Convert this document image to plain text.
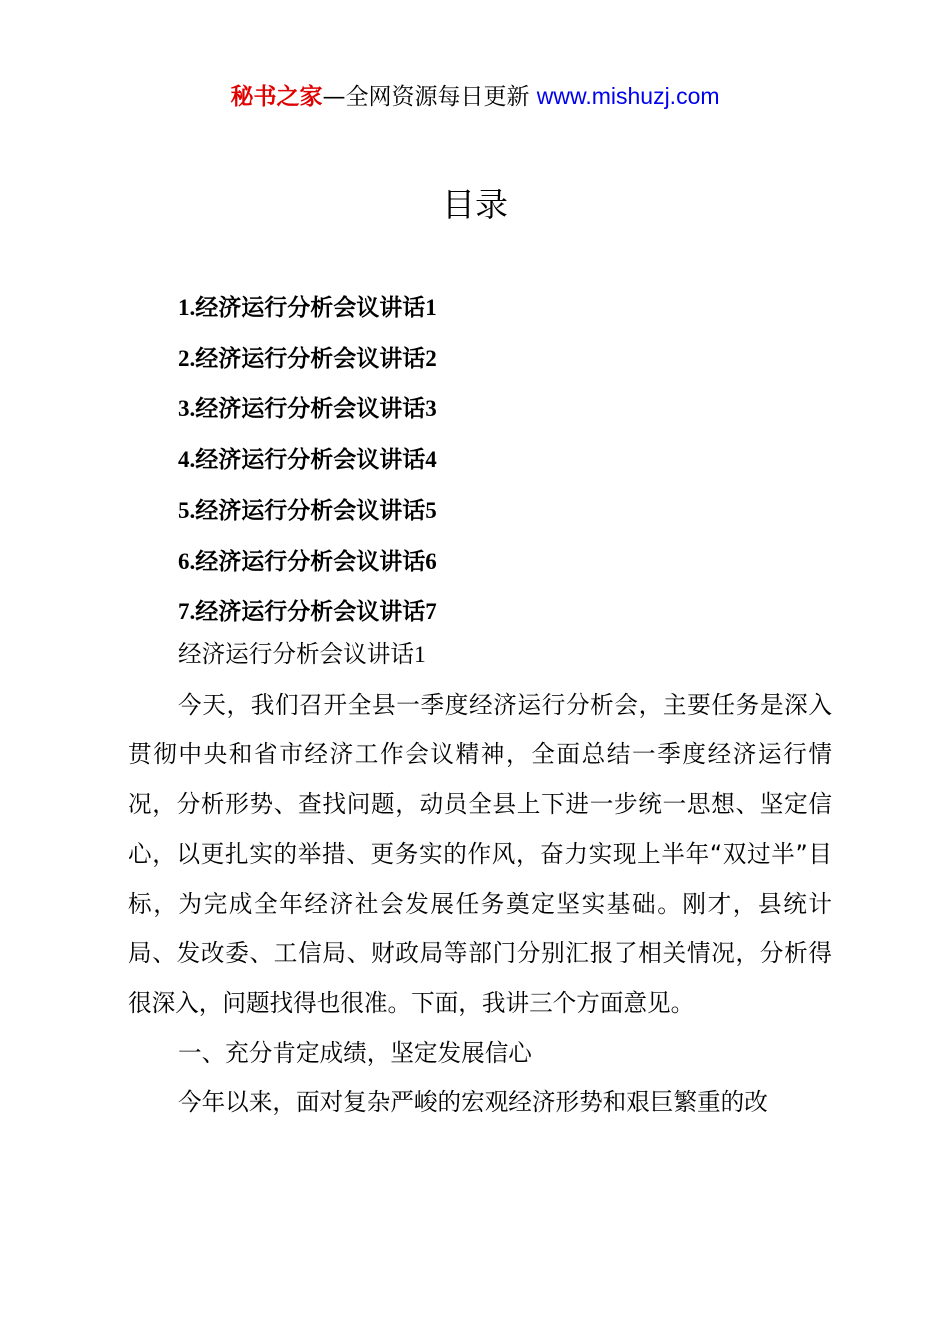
秘书之家—全网资源每日更新 www.mishuzj.com
目录
1.经济运行分析会议讲话1
2.经济运行分析会议讲话2
3.经济运行分析会议讲话3
4.经济运行分析会议讲话4
5.经济运行分析会议讲话5
6.经济运行分析会议讲话6
7.经济运行分析会议讲话7
经济运行分析会议讲话1

今天，我们召开全县一季度经济运行分析会，主要任务是深入贯彻中央和省市经济工作会议精神，全面总结一季度经济运行情况，分析形势、查找问题，动员全县上下进一步统一思想、坚定信心，以更扎实的举措、更务实的作风，奋力实现上半年“双过半”目标，为完成全年经济社会发展任务奠定坚实基础。刚才，县统计局、发改委、工信局、财政局等部门分别汇报了相关情况，分析得很深入，问题找得也很准。下面，我讲三个方面意见。

一、充分肯定成绩，坚定发展信心

今年以来，面对复杂严峻的宏观经济形势和艰巨繁重的改
